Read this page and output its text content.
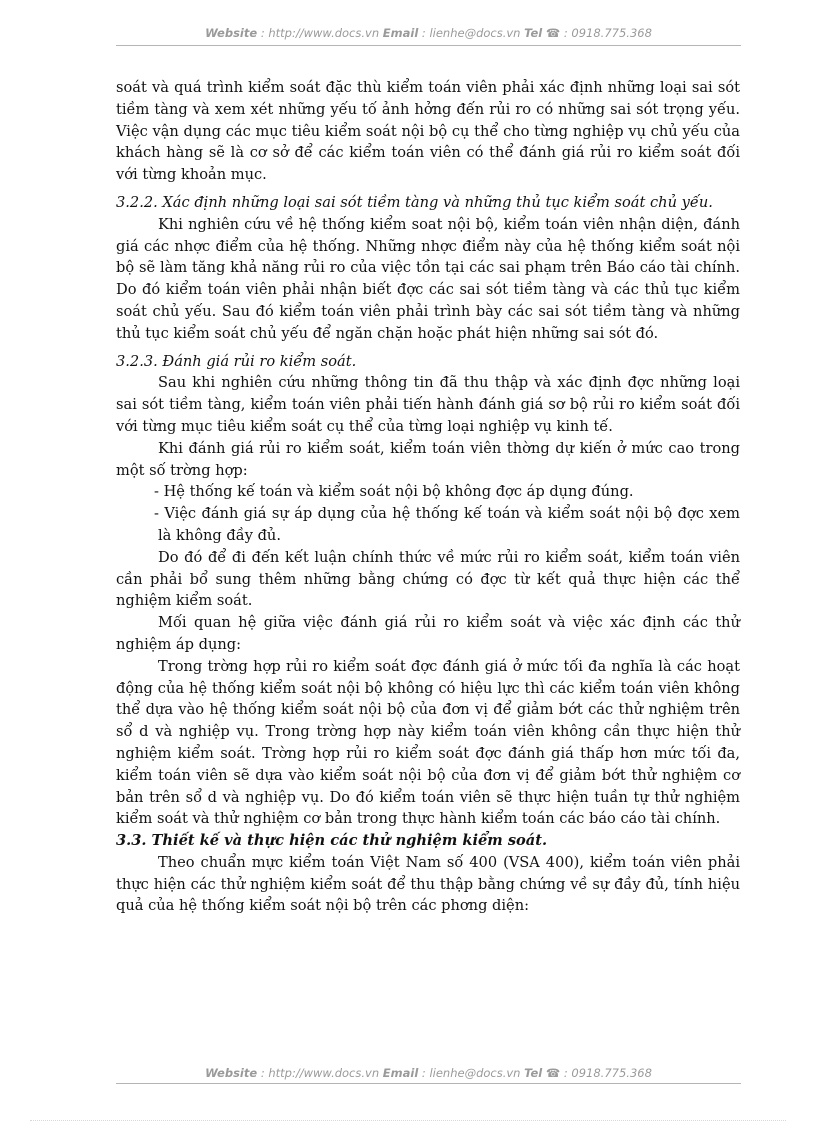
Website : http://www.docs.vn Email : lienhe@docs.vn Tel ☎ : 0918.775.368

soát và quá trình kiểm soát đặc thù kiểm toán viên phải xác định những loại sai sót tiềm tàng và xem xét những yếu tố ảnh hởng đến rủi ro có những sai sót trọng yếu. Việc vận dụng các mục tiêu kiểm soát nội bộ cụ thể cho từng nghiệp vụ chủ yếu của khách hàng sẽ là cơ sở để các kiểm toán viên có thể đánh giá rủi ro kiểm soát đối với từng khoản mục.

3.2.2. Xác định những loại sai sót tiềm tàng và những thủ tục kiểm soát chủ yếu.

Khi nghiên cứu về hệ thống kiểm soat nội bộ, kiểm toán viên nhận diện, đánh giá các nhợc điểm của hệ thống. Những nhợc điểm này của hệ thống kiểm soát nội bộ sẽ làm tăng khả năng rủi ro của việc tồn tại các sai phạm trên Báo cáo tài chính. Do đó kiểm toán viên phải nhận biết đợc các sai sót tiềm tàng và các thủ tục kiểm soát chủ yếu. Sau đó kiểm toán viên phải trình bày các sai sót tiềm tàng và những thủ tục kiểm soát chủ yếu để ngăn chặn hoặc phát hiện những sai sót đó.

3.2.3. Đánh giá rủi ro kiểm soát.

Sau khi nghiên cứu những thông tin đã thu thập và xác định đợc những loại sai sót tiềm tàng, kiểm toán viên phải tiến hành đánh giá sơ bộ rủi ro kiểm soát đối với từng mục tiêu kiểm soát cụ thể của từng loại nghiệp vụ kinh tế.

Khi đánh giá rủi ro kiểm soát, kiểm toán viên thờng dự kiến ở mức cao trong một số trờng hợp:

- Hệ thống kế toán và kiểm soát nội bộ không đợc áp dụng đúng.

- Việc đánh giá sự áp dụng của hệ thống kế toán và kiểm soát nội bộ đợc xem là không đầy đủ.

Do đó để đi đến kết luận chính thức về mức rủi ro kiểm soát, kiểm toán viên cần phải bổ sung thêm những bằng chứng có đợc từ kết quả thực hiện các thể nghiệm kiểm soát.

Mối quan hệ giữa việc đánh giá rủi ro kiểm soát và việc xác định các thử nghiệm áp dụng:

Trong trờng hợp rủi ro kiểm soát đợc đánh giá ở mức tối đa nghĩa là các hoạt động của hệ thống kiểm soát nội bộ không có hiệu lực thì các kiểm toán viên không thể dựa vào hệ thống kiểm soát nội bộ của đơn vị để giảm bớt các thử nghiệm trên sổ d và nghiệp vụ. Trong trờng hợp này kiểm toán viên không cần thực hiện thử nghiệm kiểm soát. Trờng hợp rủi ro kiểm soát đợc đánh giá thấp hơn mức tối đa, kiểm toán viên sẽ dựa vào kiểm soát nội bộ của đơn vị để giảm bớt thử nghiệm cơ bản trên sổ d và nghiệp vụ. Do đó kiểm toán viên sẽ thực hiện tuần tự thử nghiệm kiểm soát và thử nghiệm cơ bản trong thực hành kiểm toán các báo cáo tài chính.

3.3. Thiết kế và thực hiện các thử nghiệm kiểm soát.

Theo chuẩn mực kiểm toán Việt Nam số 400 (VSA 400), kiểm toán viên phải thực hiện các thử nghiệm kiểm soát để thu thập bằng chứng về sự đầy đủ, tính hiệu quả của hệ thống kiểm soát nội bộ trên các phơng diện:

Website : http://www.docs.vn Email : lienhe@docs.vn Tel ☎ : 0918.775.368
